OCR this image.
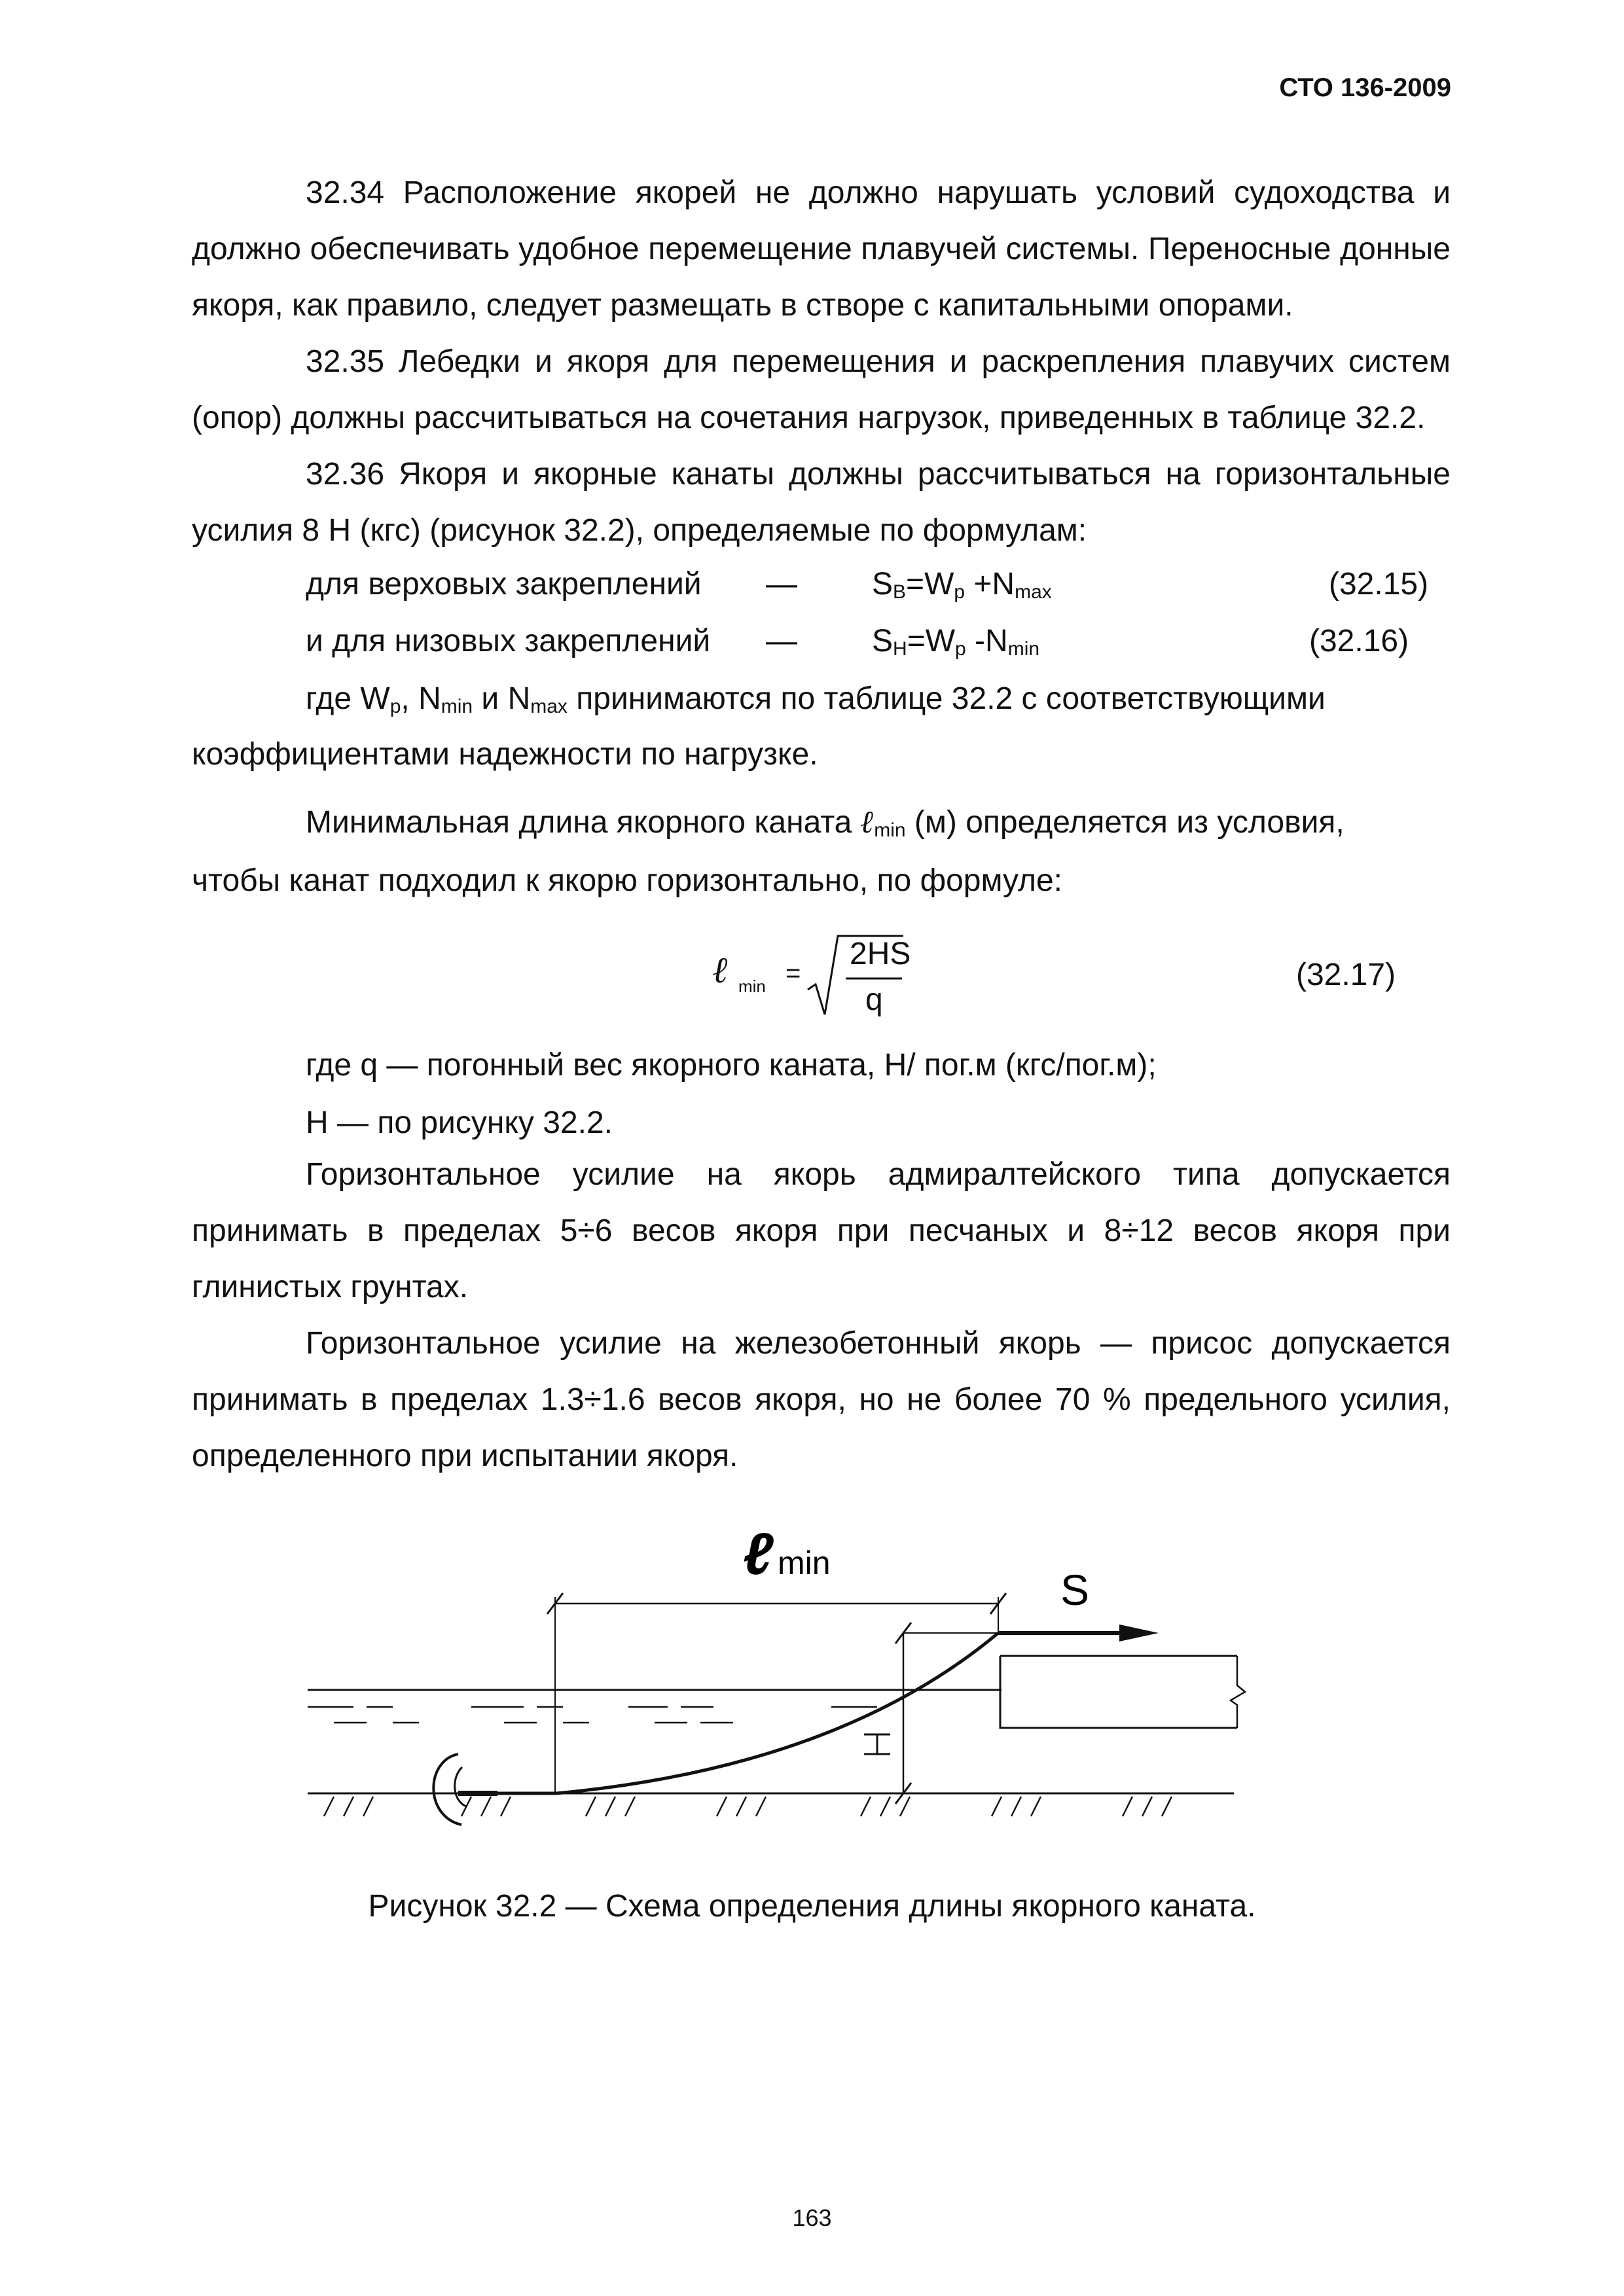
СТО 136-2009
32.34 Расположение якорей не должно нарушать условий судоходства и должно обеспечивать удобное перемещение плавучей системы. Переносные донные якоря, как правило, следует размещать в створе с капитальными опорами.
32.35 Лебедки и якоря для перемещения и раскрепления плавучих систем (опор) должны рассчитываться на сочетания нагрузок, приведенных в таблице 32.2.
32.36 Якоря и якорные канаты должны рассчитываться на горизонтальные усилия 8 Н (кгс) (рисунок 32.2), определяемые по формулам:
для верховых закреплений — $S_В=W_р +N_{max}$	(32.15)
и для низовых закреплений — $S_Н=W_р$ $-N_{min}$	(32.16)
где $W_р$, $N_{min}$ и $N_{max}$ принимаются по таблице 32.2 с соответствующими
коэффициентами надежности по нагрузке.
Минимальная длина якорного каната ℓ$_{min}$ (м) определяется из условия,
чтобы канат подходил к якорю горизонтально, по формуле:
ℓ min =
2HS
q
(32.17)
где q — погонный вес якорного каната, Н/ пог.м (кгс/пог.м);
Н — по рисунку 32.2.
Горизонтальное усилие на якорь адмиралтейского типа допускается принимать в пределах 5÷6 весов якоря при песчаных и 8÷12 весов якоря при глинистых грунтах.
Горизонтальное усилие на железобетонный якорь — присос допускается принимать в пределах 1.3÷1.6 весов якоря, но не более 70 % предельного усилия, определенного при испытании якоря.
ℓ min
S
Рисунок 32.2 — Схема определения длины якорного каната.
163
